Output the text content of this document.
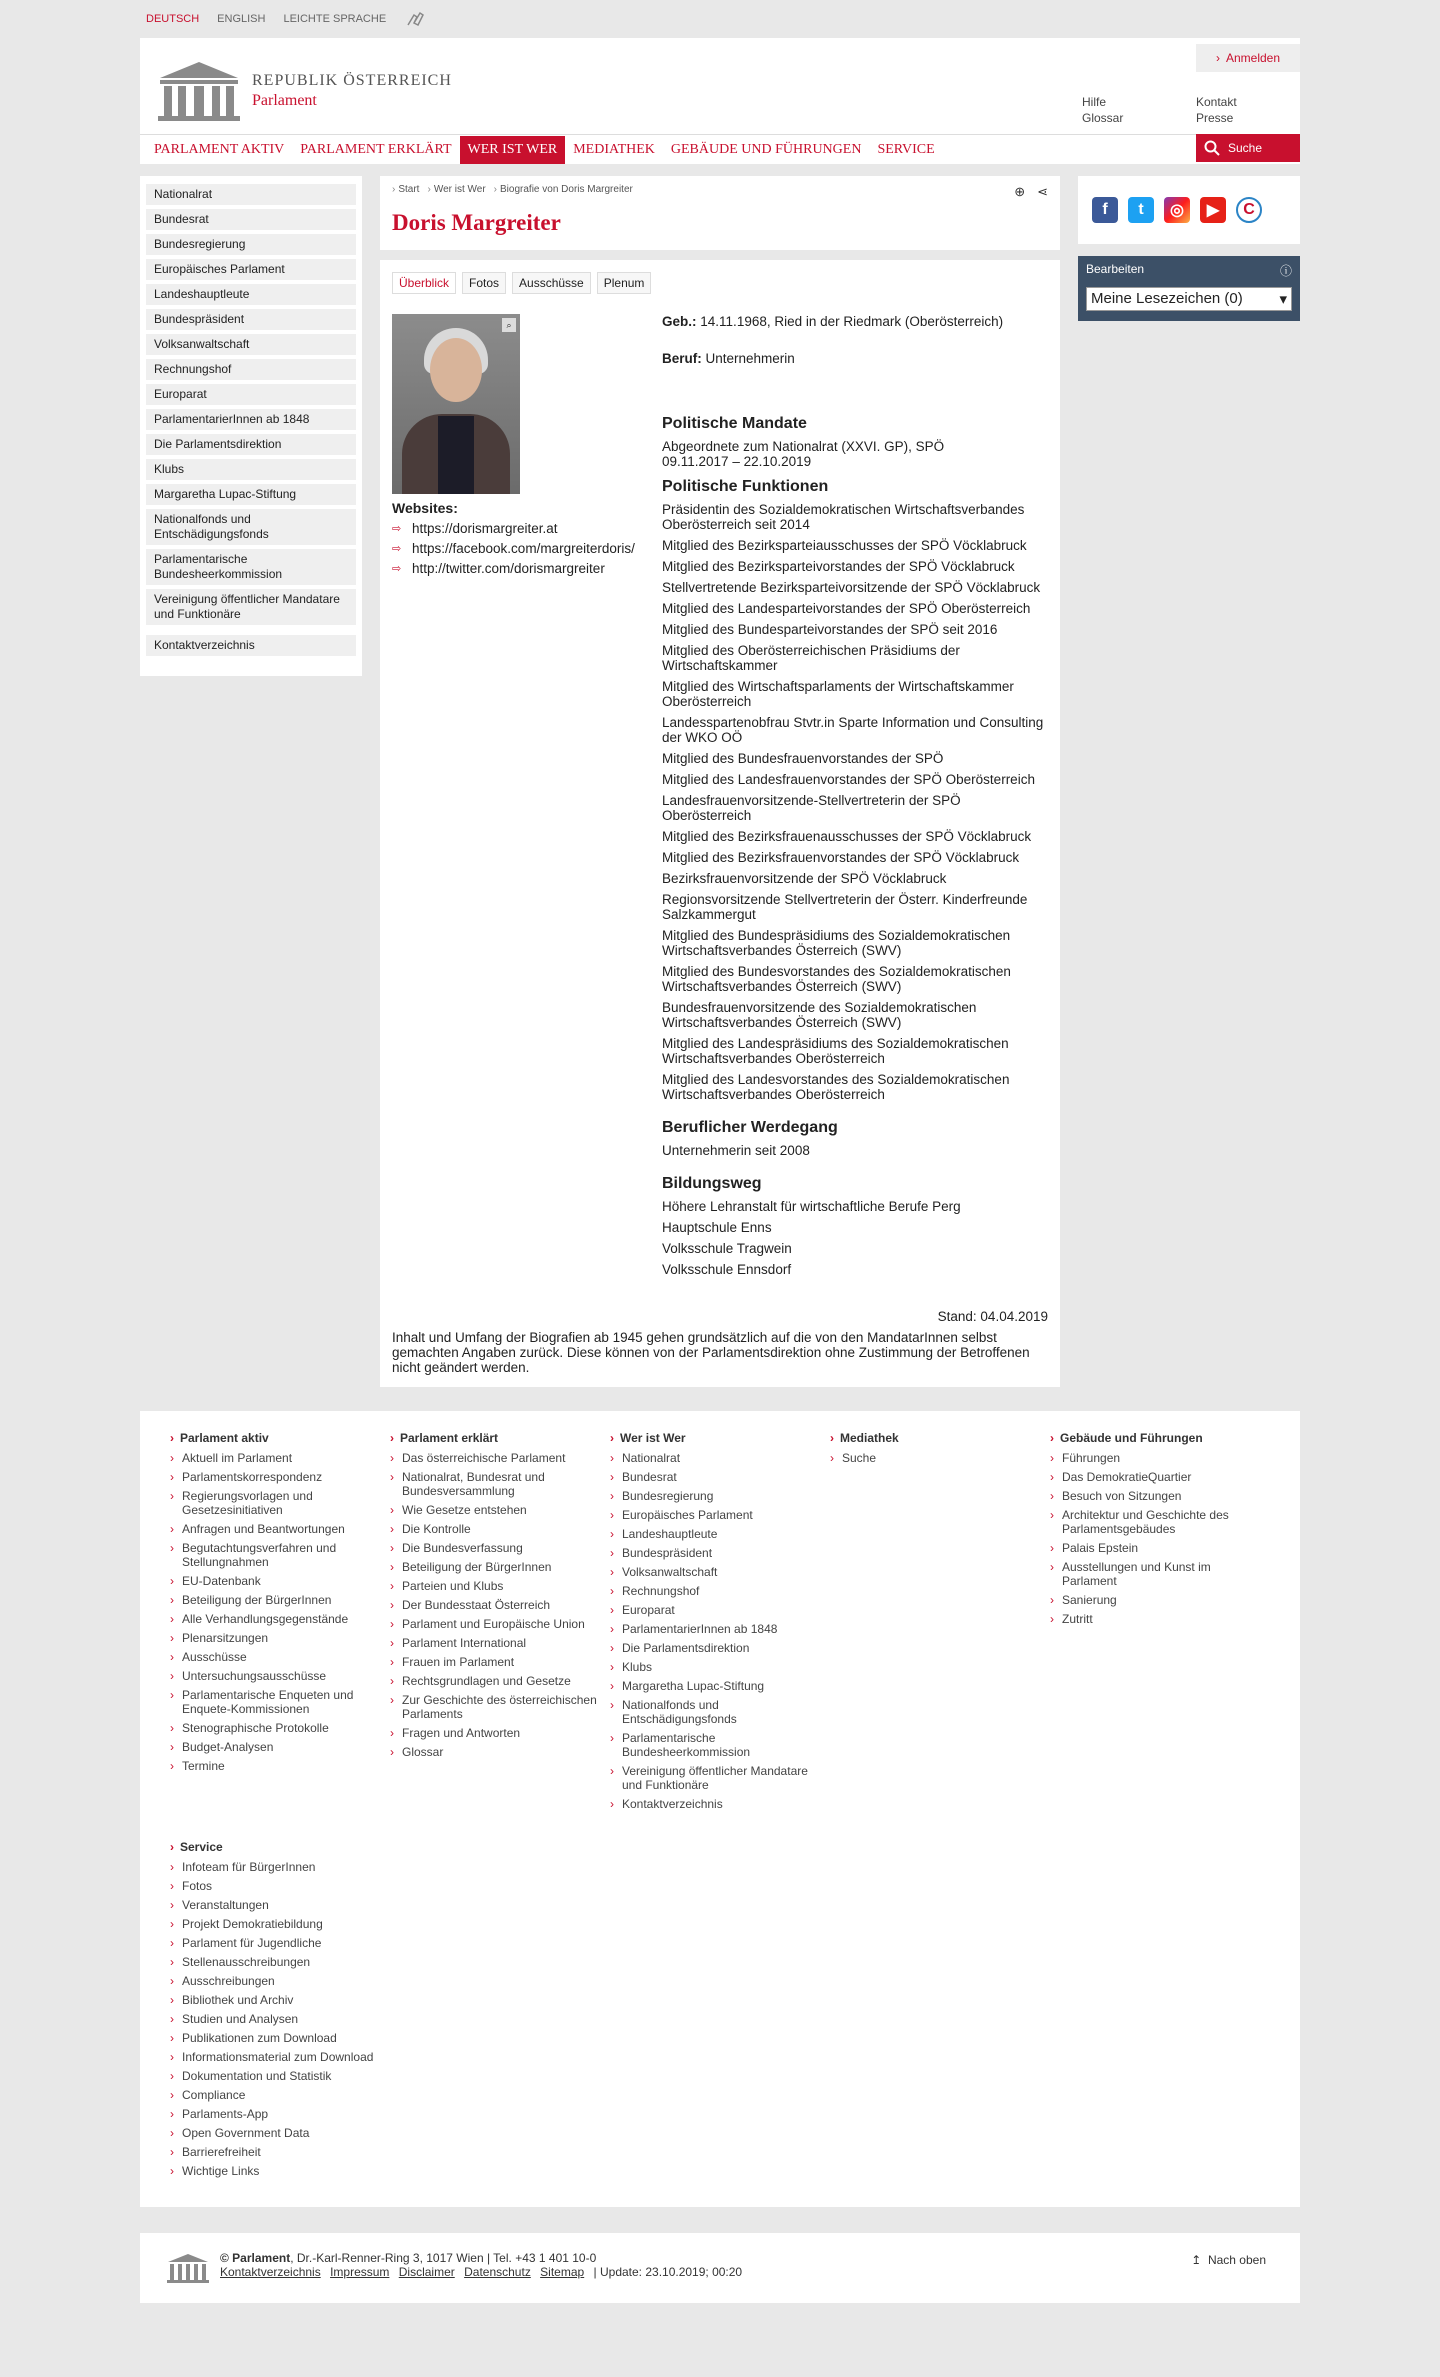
DEUTSCH ENGLISH LEICHTE SPRACHE
REPUBLIK ÖSTERREICH
Parlament
› Anmelden
Hilfe
Glossar
Kontakt
Presse
PARLAMENT AKTIV	PARLAMENT ERKLÄRT	WER IST WER	MEDIATHEK	GEBÄUDE UND FÜHRUNGEN	SERVICE	Suche
Nationalrat
Bundesrat
Bundesregierung
Europäisches Parlament
Landeshauptleute
Bundespräsident
Volksanwaltschaft
Rechnungshof
Europarat
ParlamentarierInnen ab 1848
Die Parlamentsdirektion
Klubs
Margaretha Lupac-Stiftung
Nationalfonds und Entschädigungsfonds
Parlamentarische Bundesheerkommission
Vereinigung öffentlicher Mandatare und Funktionäre
Kontaktverzeichnis
› Start	› Wer ist Wer	› Biografie von Doris Margreiter	⊕ ⋖
Doris Margreiter
Überblick	Fotos	Ausschüsse	Plenum
⌕
Websites:
⇨ https://dorismargreiter.at
⇨ https://facebook.com/margreiterdoris/
⇨ http://twitter.com/dorismargreiter
Geb.: 14.11.1968, Ried in der Riedmark (Oberösterreich)
Beruf: Unternehmerin
Politische Mandate
Abgeordnete zum Nationalrat (XXVI. GP), SPÖ
09.11.2017 – 22.10.2019
Politische Funktionen
Präsidentin des Sozialdemokratischen Wirtschaftsverbandes Oberösterreich seit 2014
Mitglied des Bezirksparteiausschusses der SPÖ Vöcklabruck
Mitglied des Bezirksparteivorstandes der SPÖ Vöcklabruck
Stellvertretende Bezirksparteivorsitzende der SPÖ Vöcklabruck
Mitglied des Landesparteivorstandes der SPÖ Oberösterreich
Mitglied des Bundesparteivorstandes der SPÖ seit 2016
Mitglied des Oberösterreichischen Präsidiums der Wirtschaftskammer
Mitglied des Wirtschaftsparlaments der Wirtschaftskammer Oberösterreich
Landesspartenobfrau Stvtr.in Sparte Information und Consulting der WKO OÖ
Mitglied des Bundesfrauenvorstandes der SPÖ
Mitglied des Landesfrauenvorstandes der SPÖ Oberösterreich
Landesfrauenvorsitzende-Stellvertreterin der SPÖ Oberösterreich
Mitglied des Bezirksfrauenausschusses der SPÖ Vöcklabruck
Mitglied des Bezirksfrauenvorstandes der SPÖ Vöcklabruck
Bezirksfrauenvorsitzende der SPÖ Vöcklabruck
Regionsvorsitzende Stellvertreterin der Österr. Kinderfreunde Salzkammergut
Mitglied des Bundespräsidiums des Sozialdemokratischen Wirtschaftsverbandes Österreich (SWV)
Mitglied des Bundesvorstandes des Sozialdemokratischen Wirtschaftsverbandes Österreich (SWV)
Bundesfrauenvorsitzende des Sozialdemokratischen Wirtschaftsverbandes Österreich (SWV)
Mitglied des Landespräsidiums des Sozialdemokratischen Wirtschaftsverbandes Oberösterreich
Mitglied des Landesvorstandes des Sozialdemokratischen Wirtschaftsverbandes Oberösterreich
Beruflicher Werdegang
Unternehmerin seit 2008
Bildungsweg
Höhere Lehranstalt für wirtschaftliche Berufe Perg
Hauptschule Enns
Volksschule Tragwein
Volksschule Ennsdorf
Stand: 04.04.2019
Inhalt und Umfang der Biografien ab 1945 gehen grundsätzlich auf die von den MandatarInnen selbst gemachten Angaben zurück. Diese können von der Parlamentsdirektion ohne Zustimmung der Betroffenen nicht geändert werden.
f	t	◎	▶	C
Bearbeiten	ⓘ
Meine Lesezeichen (0) ▾
› Parlament aktiv
› Aktuell im Parlament
› Parlamentskorrespondenz
› Regierungsvorlagen und Gesetzesinitiativen
› Anfragen und Beantwortungen
› Begutachtungsverfahren und Stellungnahmen
› EU-Datenbank
› Beteiligung der BürgerInnen
› Alle Verhandlungsgegenstände
› Plenarsitzungen
› Ausschüsse
› Untersuchungsausschüsse
› Parlamentarische Enqueten und Enquete-Kommissionen
› Stenographische Protokolle
› Budget-Analysen
› Termine
› Parlament erklärt
› Das österreichische Parlament
› Nationalrat, Bundesrat und Bundesversammlung
› Wie Gesetze entstehen
› Die Kontrolle
› Die Bundesverfassung
› Beteiligung der BürgerInnen
› Parteien und Klubs
› Der Bundesstaat Österreich
› Parlament und Europäische Union
› Parlament International
› Frauen im Parlament
› Rechtsgrundlagen und Gesetze
› Zur Geschichte des österreichischen Parlaments
› Fragen und Antworten
› Glossar
› Wer ist Wer
› Nationalrat
› Bundesrat
› Bundesregierung
› Europäisches Parlament
› Landeshauptleute
› Bundespräsident
› Volksanwaltschaft
› Rechnungshof
› Europarat
› ParlamentarierInnen ab 1848
› Die Parlamentsdirektion
› Klubs
› Margaretha Lupac-Stiftung
› Nationalfonds und Entschädigungsfonds
› Parlamentarische Bundesheerkommission
› Vereinigung öffentlicher Mandatare und Funktionäre
› Kontaktverzeichnis
› Mediathek
› Suche
› Gebäude und Führungen
› Führungen
› Das DemokratieQuartier
› Besuch von Sitzungen
› Architektur und Geschichte des Parlamentsgebäudes
› Palais Epstein
› Ausstellungen und Kunst im Parlament
› Sanierung
› Zutritt
› Service
› Infoteam für BürgerInnen
› Fotos
› Veranstaltungen
› Projekt Demokratiebildung
› Parlament für Jugendliche
› Stellenausschreibungen
› Ausschreibungen
› Bibliothek und Archiv
› Studien und Analysen
› Publikationen zum Download
› Informationsmaterial zum Download
› Dokumentation und Statistik
› Compliance
› Parlaments-App
› Open Government Data
› Barrierefreiheit
› Wichtige Links
© Parlament, Dr.-Karl-Renner-Ring 3, 1017 Wien | Tel. +43 1 401 10-0
Kontaktverzeichnis Impressum Disclaimer Datenschutz Sitemap | Update: 23.10.2019; 00:20
↥ Nach oben
